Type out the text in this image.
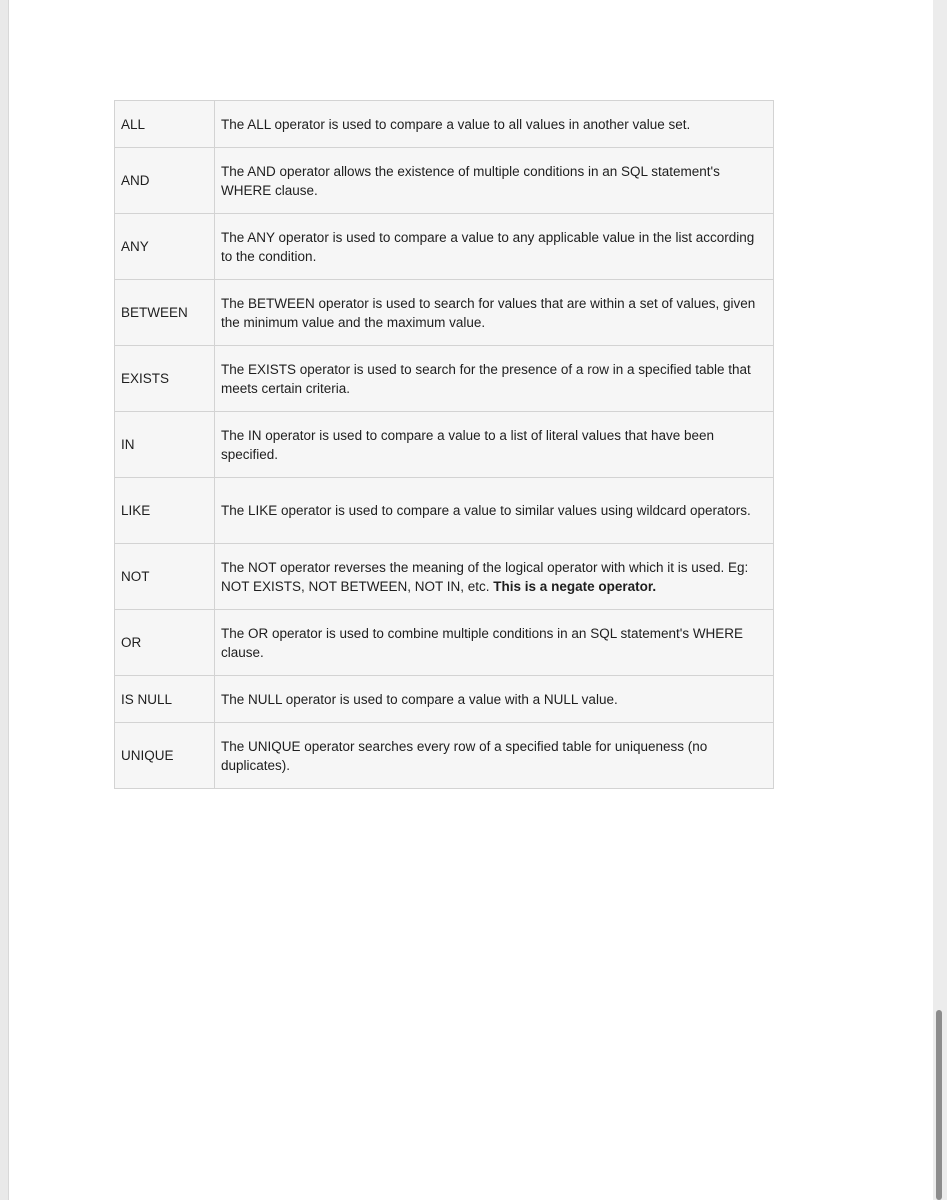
ALL	The ALL operator is used to compare a value to all values in another value set.
AND	The AND operator allows the existence of multiple conditions in an SQL statement's WHERE clause.
ANY	The ANY operator is used to compare a value to any applicable value in the list according to the condition.
BETWEEN	The BETWEEN operator is used to search for values that are within a set of values, given the minimum value and the maximum value.
EXISTS	The EXISTS operator is used to search for the presence of a row in a specified table that meets certain criteria.
IN	The IN operator is used to compare a value to a list of literal values that have been specified.
LIKE	The LIKE operator is used to compare a value to similar values using wildcard operators.
NOT	The NOT operator reverses the meaning of the logical operator with which it is used. Eg: NOT EXISTS, NOT BETWEEN, NOT IN, etc. This is a negate operator.
OR	The OR operator is used to combine multiple conditions in an SQL statement's WHERE clause.
IS NULL	The NULL operator is used to compare a value with a NULL value.
UNIQUE	The UNIQUE operator searches every row of a specified table for uniqueness (no duplicates).
